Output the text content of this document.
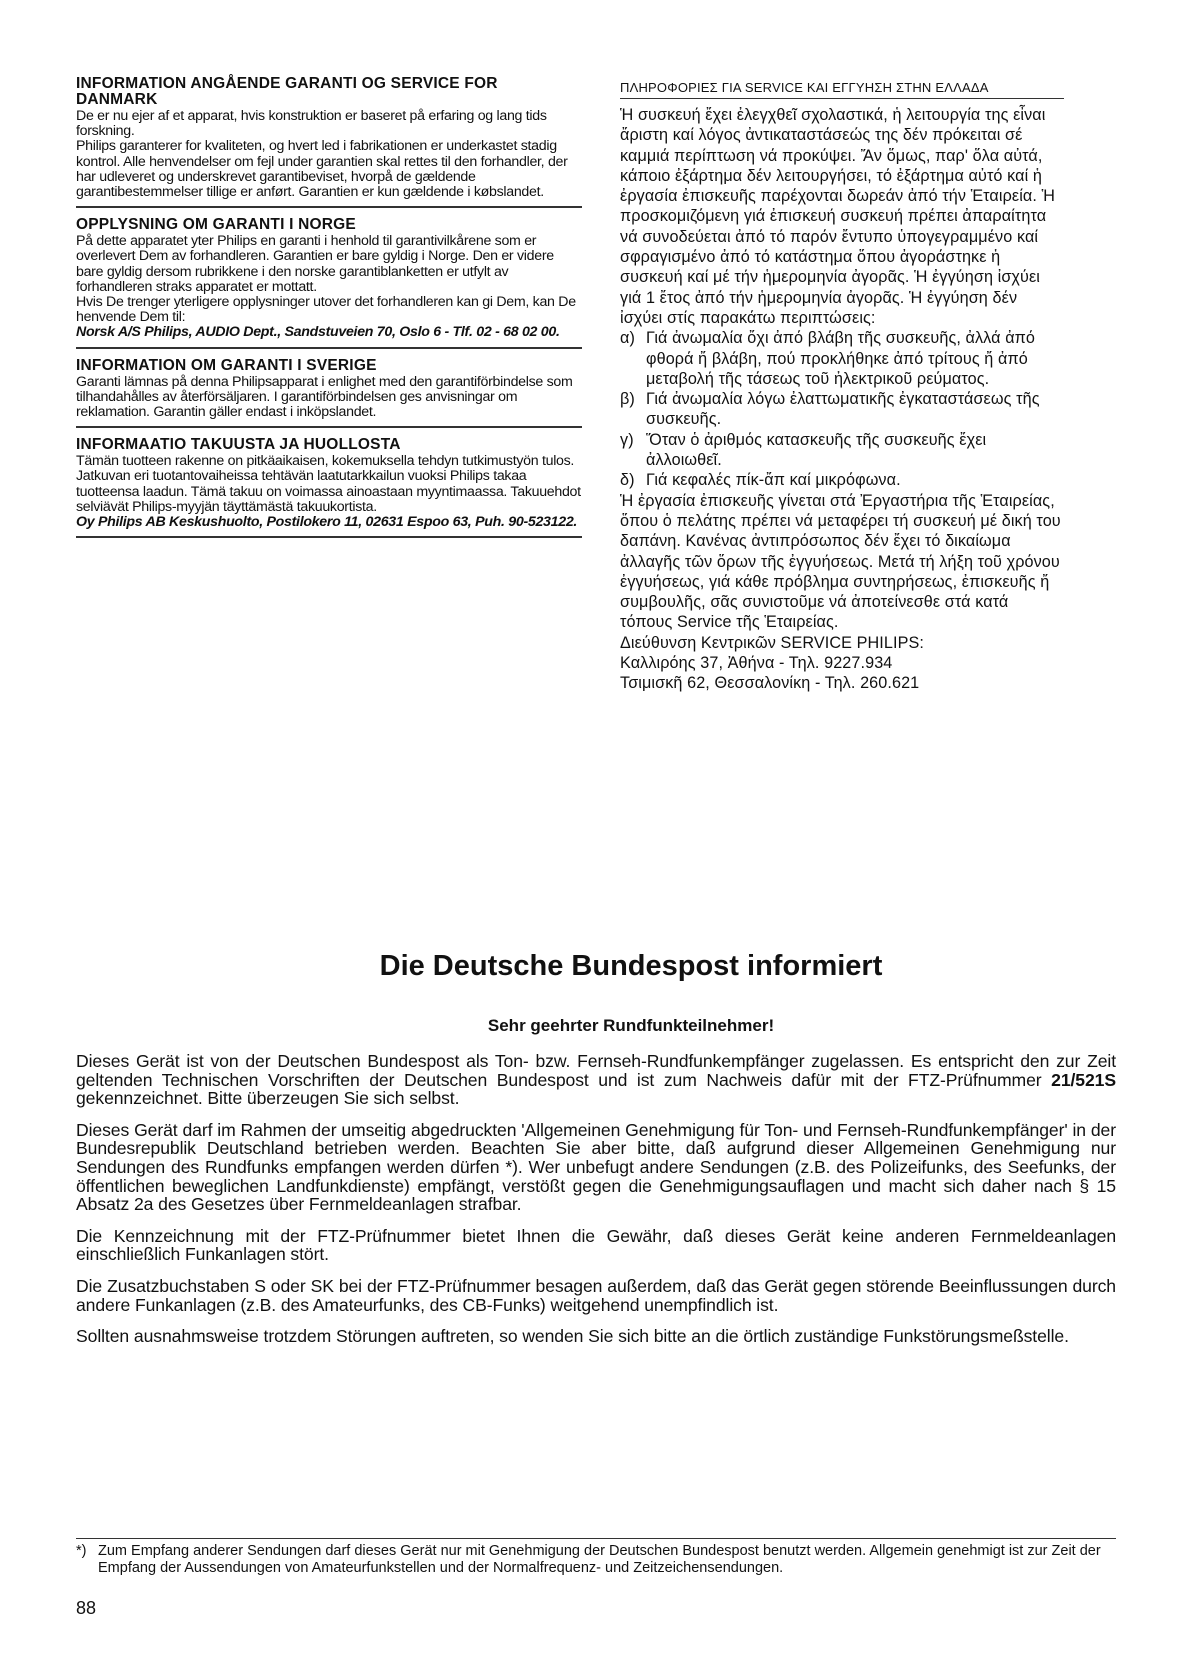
INFORMATION ANGÅENDE GARANTI OG SERVICE FOR DANMARK

De er nu ejer af et apparat, hvis konstruktion er baseret på erfaring og lang tids forskning.

Philips garanterer for kvaliteten, og hvert led i fabrikationen er underkastet stadig kontrol. Alle henvendelser om fejl under garantien skal rettes til den forhandler, der har udleveret og underskrevet garantibeviset, hvorpå de gældende garantibestemmelser tillige er anført. Garantien er kun gældende i købslandet.

OPPLYSNING OM GARANTI I NORGE

På dette apparatet yter Philips en garanti i henhold til garantivilkårene som er overlevert Dem av forhandleren. Garantien er bare gyldig i Norge. Den er videre bare gyldig dersom rubrikkene i den norske garantiblanketten er utfylt av forhandleren straks apparatet er mottatt.

Hvis De trenger yterligere opplysninger utover det forhandleren kan gi Dem, kan De henvende Dem til:

Norsk A/S Philips, AUDIO Dept., Sandstuveien 70, Oslo 6 - Tlf. 02 - 68 02 00.

INFORMATION OM GARANTI I SVERIGE

Garanti lämnas på denna Philipsapparat i enlighet med den garantiförbindelse som tilhandahålles av återförsäljaren. I garantiförbindelsen ges anvisningar om reklamation. Garantin gäller endast i inköpslandet.

INFORMAATIO TAKUUSTA JA HUOLLOSTA

Tämän tuotteen rakenne on pitkäaikaisen, kokemuksella tehdyn tutkimustyön tulos. Jatkuvan eri tuotantovaiheissa tehtävän laatutarkkailun vuoksi Philips takaa tuotteensa laadun. Tämä takuu on voimassa ainoastaan myyntimaassa. Takuuehdot selviävät Philips-myyjän täyttämästä takuukortista.

Oy Philips AB Keskushuolto, Postilokero 11, 02631 Espoo 63, Puh. 90-523122.

ΠΛΗΡΟΦΟΡΙΕΣ ΓΙΑ SERVICE ΚΑΙ ΕΓΓΥΗΣΗ ΣΤΗΝ ΕΛΛΑΔΑ

Ἡ συσκευή ἔχει ἐλεγχθεῖ σχολαστικά, ἡ λειτουργία της εἶναι ἄριστη καί λόγος ἀντικαταστάσεώς της δέν πρόκειται σέ καμμιά περίπτωση νά προκύψει. Ἄν ὅμως, παρ' ὅλα αὐτά, κάποιο ἐξάρτημα δέν λειτουργήσει, τό ἐξάρτημα αὐτό καί ἡ ἐργασία ἐπισκευῆς παρέχονται δωρεάν ἀπό τήν Ἑταιρεία. Ἡ προσκομιζόμενη γιά ἐπισκευή συσκευή πρέπει ἀπαραίτητα νά συνοδεύεται ἀπό τό παρόν ἔντυπο ὑπογεγραμμένο καί σφραγισμένο ἀπό τό κατάστημα ὅπου ἀγοράστηκε ἡ συσκευή καί μέ τήν ἡμερομηνία ἀγορᾶς. Ἡ ἐγγύηση ἰσχύει γιά 1 ἔτος ἀπό τήν ἡμερομηνία ἀγορᾶς. Ἡ ἐγγύηση δέν ἰσχύει στίς παρακάτω περιπτώσεις:

α) Γιά ἀνωμαλία ὄχι ἀπό βλάβη τῆς συσκευῆς, ἀλλά ἀπό φθορά ἤ βλάβη, πού προκλήθηκε ἀπό τρίτους ἤ ἀπό μεταβολή τῆς τάσεως τοῦ ἠλεκτρικοῦ ρεύματος.
β) Γιά ἀνωμαλία λόγω ἐλαττωματικῆς ἐγκαταστάσεως τῆς συσκευῆς.
γ) Ὅταν ὁ ἀριθμός κατασκευῆς τῆς συσκευῆς ἔχει ἀλλοιωθεῖ.
δ) Γιά κεφαλές πίκ-ἄπ καί μικρόφωνα.

Ἡ ἐργασία ἐπισκευῆς γίνεται στά Ἐργαστήρια τῆς Ἑταιρείας, ὅπου ὁ πελάτης πρέπει νά μεταφέρει τή συσκευή μέ δική του δαπάνη. Κανένας ἀντιπρόσωπος δέν ἔχει τό δικαίωμα ἀλλαγῆς τῶν ὅρων τῆς ἐγγυήσεως. Μετά τή λήξη τοῦ χρόνου ἐγγυήσεως, γιά κάθε πρόβλημα συντηρήσεως, ἐπισκευῆς ἤ συμβουλῆς, σᾶς συνιστοῦμε νά ἀποτείνεσθε στά κατά τόπους Service τῆς Ἑταιρείας.

Διεύθυνση Κεντρικῶν SERVICE PHILIPS:

Καλλιρόης 37, Ἀθήνα - Τηλ. 9227.934

Τσιμισκῆ 62, Θεσσαλονίκη - Τηλ. 260.621

Die Deutsche Bundespost informiert
Sehr geehrter Rundfunkteilnehmer!

Dieses Gerät ist von der Deutschen Bundespost als Ton- bzw. Fernseh-Rundfunkempfänger zugelassen. Es entspricht den zur Zeit geltenden Technischen Vorschriften der Deutschen Bundespost und ist zum Nachweis dafür mit der FTZ-Prüfnummer 21/521S gekennzeichnet. Bitte überzeugen Sie sich selbst.

Dieses Gerät darf im Rahmen der umseitig abgedruckten 'Allgemeinen Genehmigung für Ton- und Fernseh-Rundfunkempfänger' in der Bundesrepublik Deutschland betrieben werden. Beachten Sie aber bitte, daß aufgrund dieser Allgemeinen Genehmigung nur Sendungen des Rundfunks empfangen werden dürfen *). Wer unbefugt andere Sendungen (z.B. des Polizeifunks, des Seefunks, der öffentlichen beweglichen Landfunkdienste) empfängt, verstößt gegen die Genehmigungsauflagen und macht sich daher nach § 15 Absatz 2a des Gesetzes über Fernmeldeanlagen strafbar.

Die Kennzeichnung mit der FTZ-Prüfnummer bietet Ihnen die Gewähr, daß dieses Gerät keine anderen Fernmeldeanlagen einschließlich Funkanlagen stört.

Die Zusatzbuchstaben S oder SK bei der FTZ-Prüfnummer besagen außerdem, daß das Gerät gegen störende Beeinflussungen durch andere Funkanlagen (z.B. des Amateurfunks, des CB-Funks) weitgehend unempfindlich ist.

Sollten ausnahmsweise trotzdem Störungen auftreten, so wenden Sie sich bitte an die örtlich zuständige Funkstörungsmeßstelle.

*) Zum Empfang anderer Sendungen darf dieses Gerät nur mit Genehmigung der Deutschen Bundespost benutzt werden. Allgemein genehmigt ist zur Zeit der Empfang der Aussendungen von Amateurfunkstellen und der Normalfrequenz- und Zeitzeichensendungen.
88
